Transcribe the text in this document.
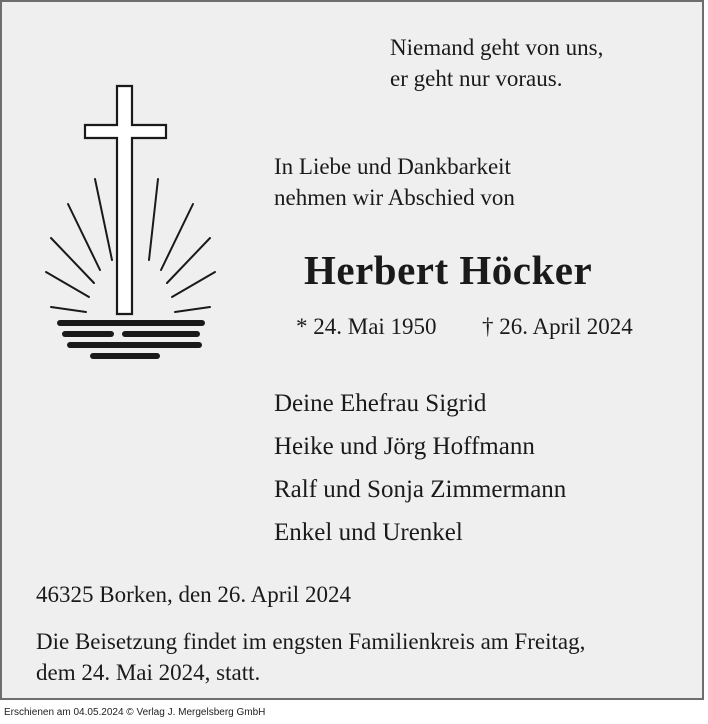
Niemand geht von uns,
er geht nur voraus.
In Liebe und Dankbarkeit
nehmen wir Abschied von
Herbert Höcker
* 24. Mai 1950 † 26. April 2024
Deine Ehefrau Sigrid
Heike und Jörg Hoffmann
Ralf und Sonja Zimmermann
Enkel und Urenkel
46325 Borken, den 26. April 2024
Die Beisetzung findet im engsten Familienkreis am Freitag,
dem 24. Mai 2024, statt.
Erschienen am 04.05.2024 © Verlag J. Mergelsberg GmbH
